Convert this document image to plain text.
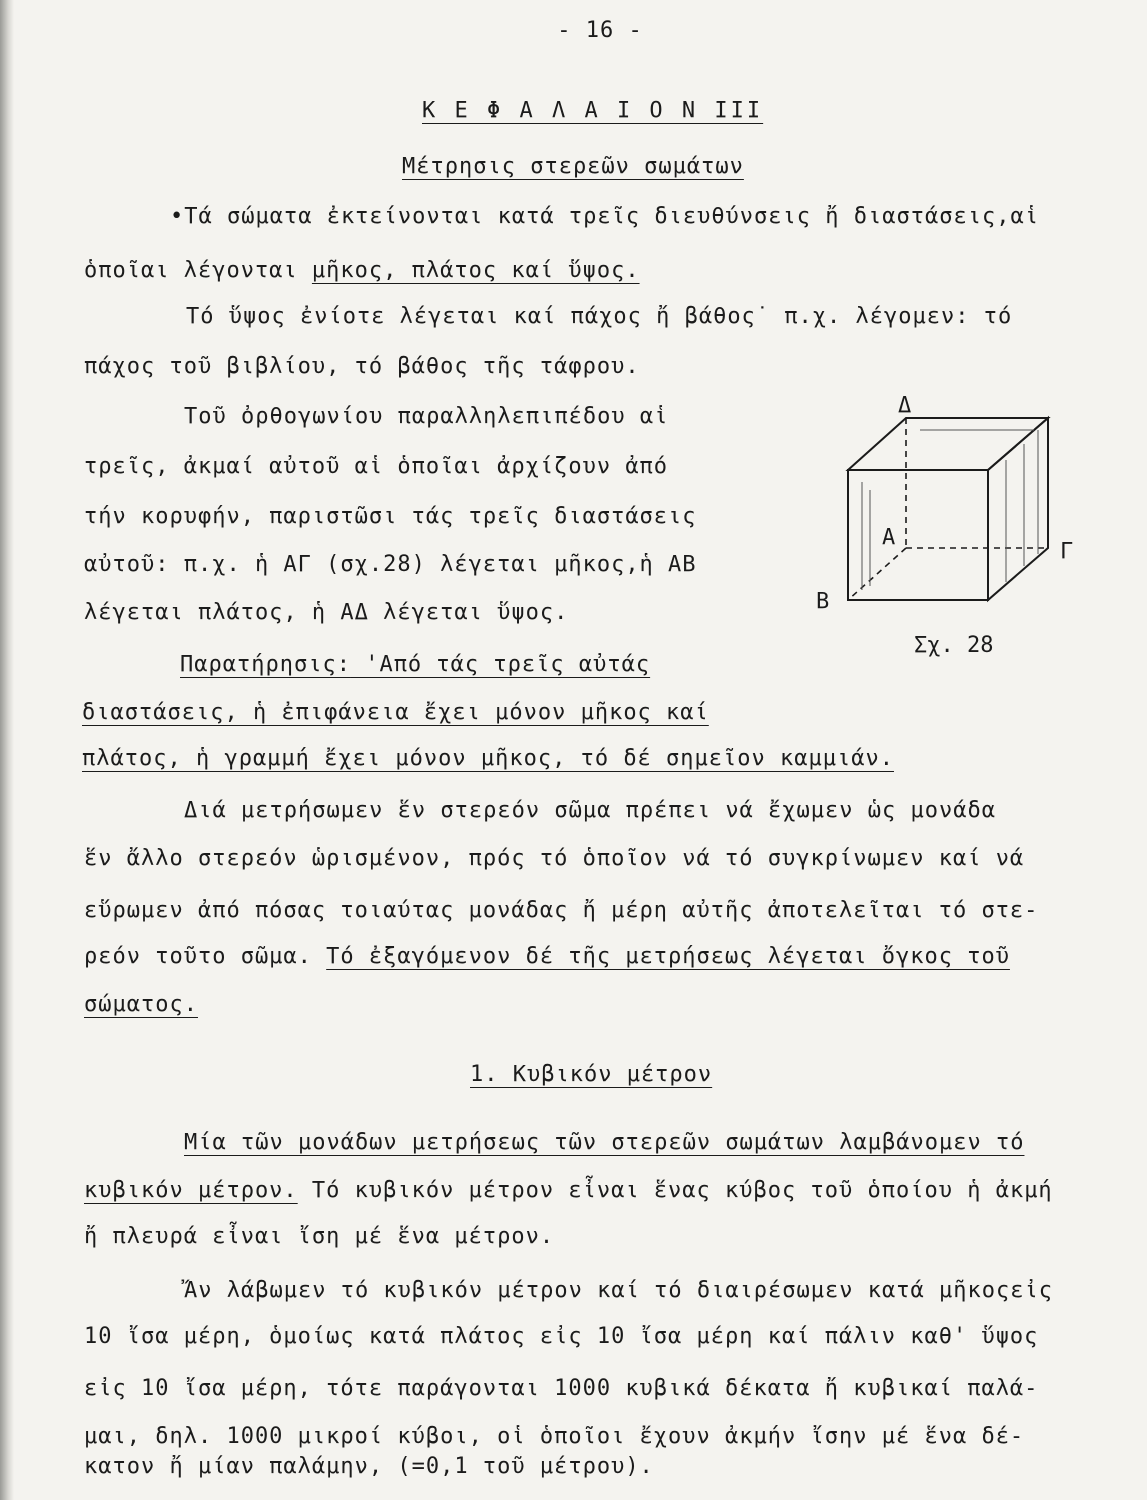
- 16 -
Κ Ε Φ Α Λ Α Ι Ο Ν ΙΙΙ
Μέτρησις στερεῶν σωμάτων
•Τά σώματα ἐκτείνονται κατά τρεῖς διευθύνσεις ἤ διαστάσεις,αἱ
ὁποῖαι λέγονται μῆκος, πλάτος καί ὕψος.
Τό ὕψος ἐνίοτε λέγεται καί πάχος ἤ βάθος˙ π.χ. λέγομεν: τό
πάχος τοῦ βιβλίου, τό βάθος τῆς τάφρου.
Τοῦ ὀρθογωνίου παραλληλεπιπέδου αἱ
τρεῖς, ἀκμαί αὐτοῦ αἱ ὁποῖαι ἀρχίζουν ἀπό
τήν κορυφήν, παριστῶσι τάς τρεῖς διαστάσεις
αὐτοῦ: π.χ. ἡ ΑΓ (σχ.28) λέγεται μῆκος,ἡ ΑΒ
λέγεται πλάτος, ἡ ΑΔ λέγεται ὕψος.
Παρατήρησις: 'Από τάς τρεῖς αὐτάς
διαστάσεις, ἡ ἐπιφάνεια ἔχει μόνον μῆκος καί
πλάτος, ἡ γραμμή ἔχει μόνον μῆκος, τό δέ σημεῖον καμμιάν.
Διά μετρήσωμεν ἕν στερεόν σῶμα πρέπει νά ἔχωμεν ὡς μονάδα
ἕν ἄλλο στερεόν ὡρισμένον, πρός τό ὁποῖον νά τό συγκρίνωμεν καί νά
εὕρωμεν ἀπό πόσας τοιαύτας μονάδας ἤ μέρη αὐτῆς ἀποτελεῖται τό στε-
ρεόν τοῦτο σῶμα. Τό ἐξαγόμενον δέ τῆς μετρήσεως λέγεται ὄγκος τοῦ
σώματος.
1. Κυβικόν μέτρον
Μία τῶν μονάδων μετρήσεως τῶν στερεῶν σωμάτων λαμβάνομεν τό
κυβικόν μέτρον. Τό κυβικόν μέτρον εἶναι ἕνας κύβος τοῦ ὁποίου ἡ ἀκμή
ἤ πλευρά εἶναι ἴση μέ ἕνα μέτρον.
Ἄν λάβωμεν τό κυβικόν μέτρον καί τό διαιρέσωμεν κατά μῆκοςεἰς
10 ἴσα μέρη, ὁμοίως κατά πλάτος εἰς 10 ἴσα μέρη καί πάλιν καθ' ὕψος
εἰς 10 ἴσα μέρη, τότε παράγονται 1000 κυβικά δέκατα ἤ κυβικαί παλά-
μαι, δηλ. 1000 μικροί κύβοι, οἱ ὁποῖοι ἔχουν ἀκμήν ἴσην μέ ἕνα δέ-
κατον ἤ μίαν παλάμην, (=0,1 τοῦ μέτρου).
Δ
Α
Γ
Β
Σχ. 28
